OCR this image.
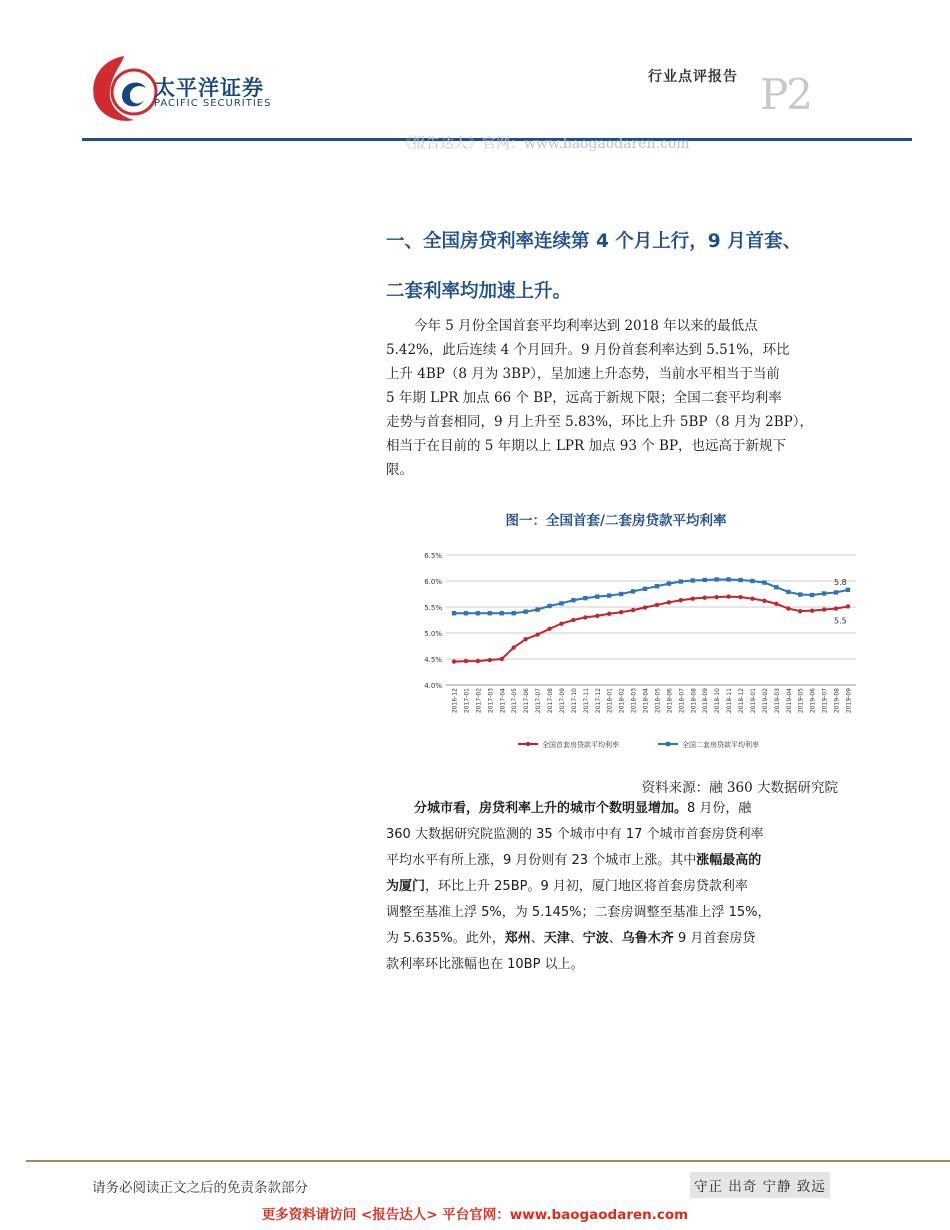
太平洋证券
PACIFIC SECURITIES
行业点评报告 P2
《报告达人》官网：www.baogaodaren.com
一、全国房贷利率连续第 4 个月上行，9 月首套、
二套利率均加速上升。
今年 5 月份全国首套平均利率达到 2018 年以来的最低点
5.42%，此后连续 4 个月回升。9 月份首套利率达到 5.51%，环比
上升 4BP（8 月为 3BP），呈加速上升态势，当前水平相当于当前
5 年期 LPR 加点 66 个 BP，远高于新规下限；全国二套平均利率
走势与首套相同，9 月上升至 5.83%，环比上升 5BP（8 月为 2BP），
相当于在目前的 5 年期以上 LPR 加点 93 个 BP，也远高于新规下
限。
图一：全国首套/二套房贷款平均利率
4.0%
4.5%
5.0%
5.5%
6.0%
6.5%
2016-12 2017-01 2017-02 2017-03 2017-04 2017-05 2017-06 2017-07 2017-08 2017-09 2017-10 2017-11 2017-12 2018-01 2018-02 2018-03 2018-04 2018-05 2018-06 2018-07 2018-08 2018-09 2018-10 2018-11 2018-12 2019-01 2019-02 2019-03 2019-04 2019-05 2019-06 2019-07 2019-08 2019-09
5.5
5.8
全国首套房贷款平均利率	全国二套房贷款平均利率
资料来源：融 360 大数据研究院
分城市看，房贷利率上升的城市个数明显增加。8 月份，融
360 大数据研究院监测的 35 个城市中有 17 个城市首套房贷利率
平均水平有所上涨，9 月份则有 23 个城市上涨。其中涨幅最高的
为厦门，环比上升 25BP。9 月初，厦门地区将首套房贷款利率
调整至基准上浮 5%，为 5.145%；二套房调整至基准上浮 15%，
为 5.635%。此外，郑州、天津、宁波、乌鲁木齐 9 月首套房贷
款利率环比涨幅也在 10BP 以上。
请务必阅读正文之后的免责条款部分	守正 出奇 宁静 致远
更多资料请访问 <报告达人> 平台官网：www.baogaodaren.com
